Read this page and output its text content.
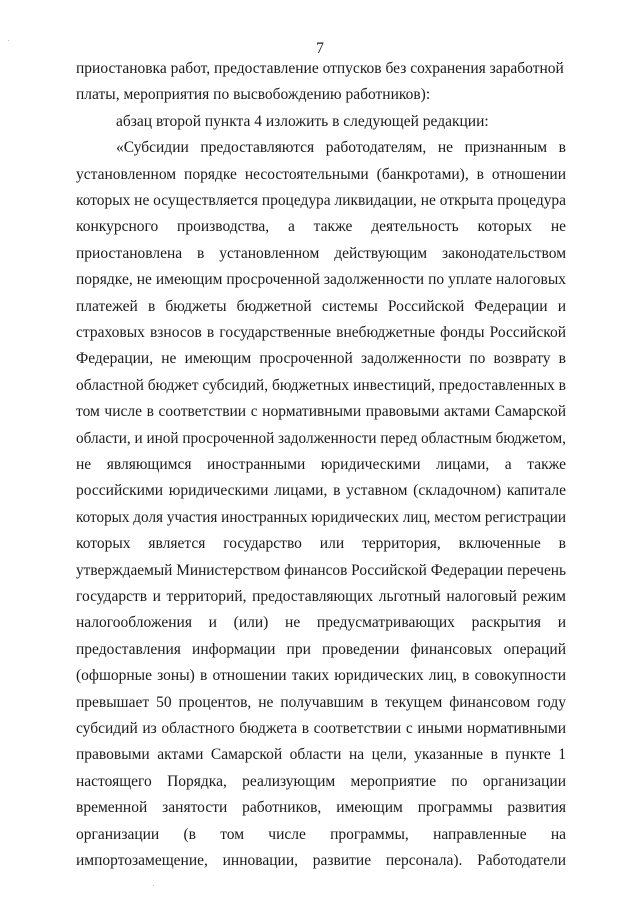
7

приостановка работ, предоставление отпусков без сохранения заработной
платы, мероприятия по высвобождению работников):
абзац второй пункта 4 изложить в следующей редакции:
«Субсидии предоставляются работодателям, не признанным в
установленном порядке несостоятельными (банкротами), в отношении
которых не осуществляется процедура ликвидации, не открыта процедура
конкурсного производства, а также деятельность которых не
приостановлена в установленном действующим законодательством
порядке, не имеющим просроченной задолженности по уплате налоговых
платежей в бюджеты бюджетной системы Российской Федерации и
страховых взносов в государственные внебюджетные фонды Российской
Федерации, не имеющим просроченной задолженности по возврату в
областной бюджет субсидий, бюджетных инвестиций, предоставленных в
том числе в соответствии с нормативными правовыми актами Самарской
области, и иной просроченной задолженности перед областным бюджетом,
не являющимся иностранными юридическими лицами, а также
российскими юридическими лицами, в уставном (складочном) капитале
которых доля участия иностранных юридических лиц, местом регистрации
которых является государство или территория, включенные в
утверждаемый Министерством финансов Российской Федерации перечень
государств и территорий, предоставляющих льготный налоговый режим
налогообложения и (или) не предусматривающих раскрытия и
предоставления информации при проведении финансовых операций
(офшорные зоны) в отношении таких юридических лиц, в совокупности
превышает 50 процентов, не получавшим в текущем финансовом году
субсидий из областного бюджета в соответствии с иными нормативными
правовыми актами Самарской области на цели, указанные в пункте 1
настоящего Порядка, реализующим мероприятие по организации
временной занятости работников, имеющим программы развития
организации (в том числе программы, направленные на
импортозамещение, инновации, развитие персонала). Работодатели
